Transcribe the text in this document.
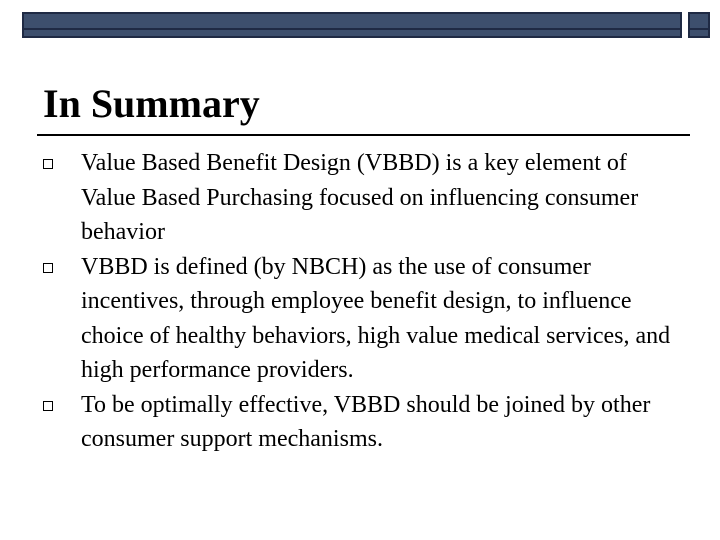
In Summary
Value Based Benefit Design (VBBD) is a key element of Value Based Purchasing focused on influencing consumer behavior
VBBD is defined (by NBCH) as the use of consumer incentives, through employee benefit design, to influence choice of healthy behaviors, high value medical services, and high performance providers.
To be optimally effective, VBBD should be joined by other consumer support mechanisms.
